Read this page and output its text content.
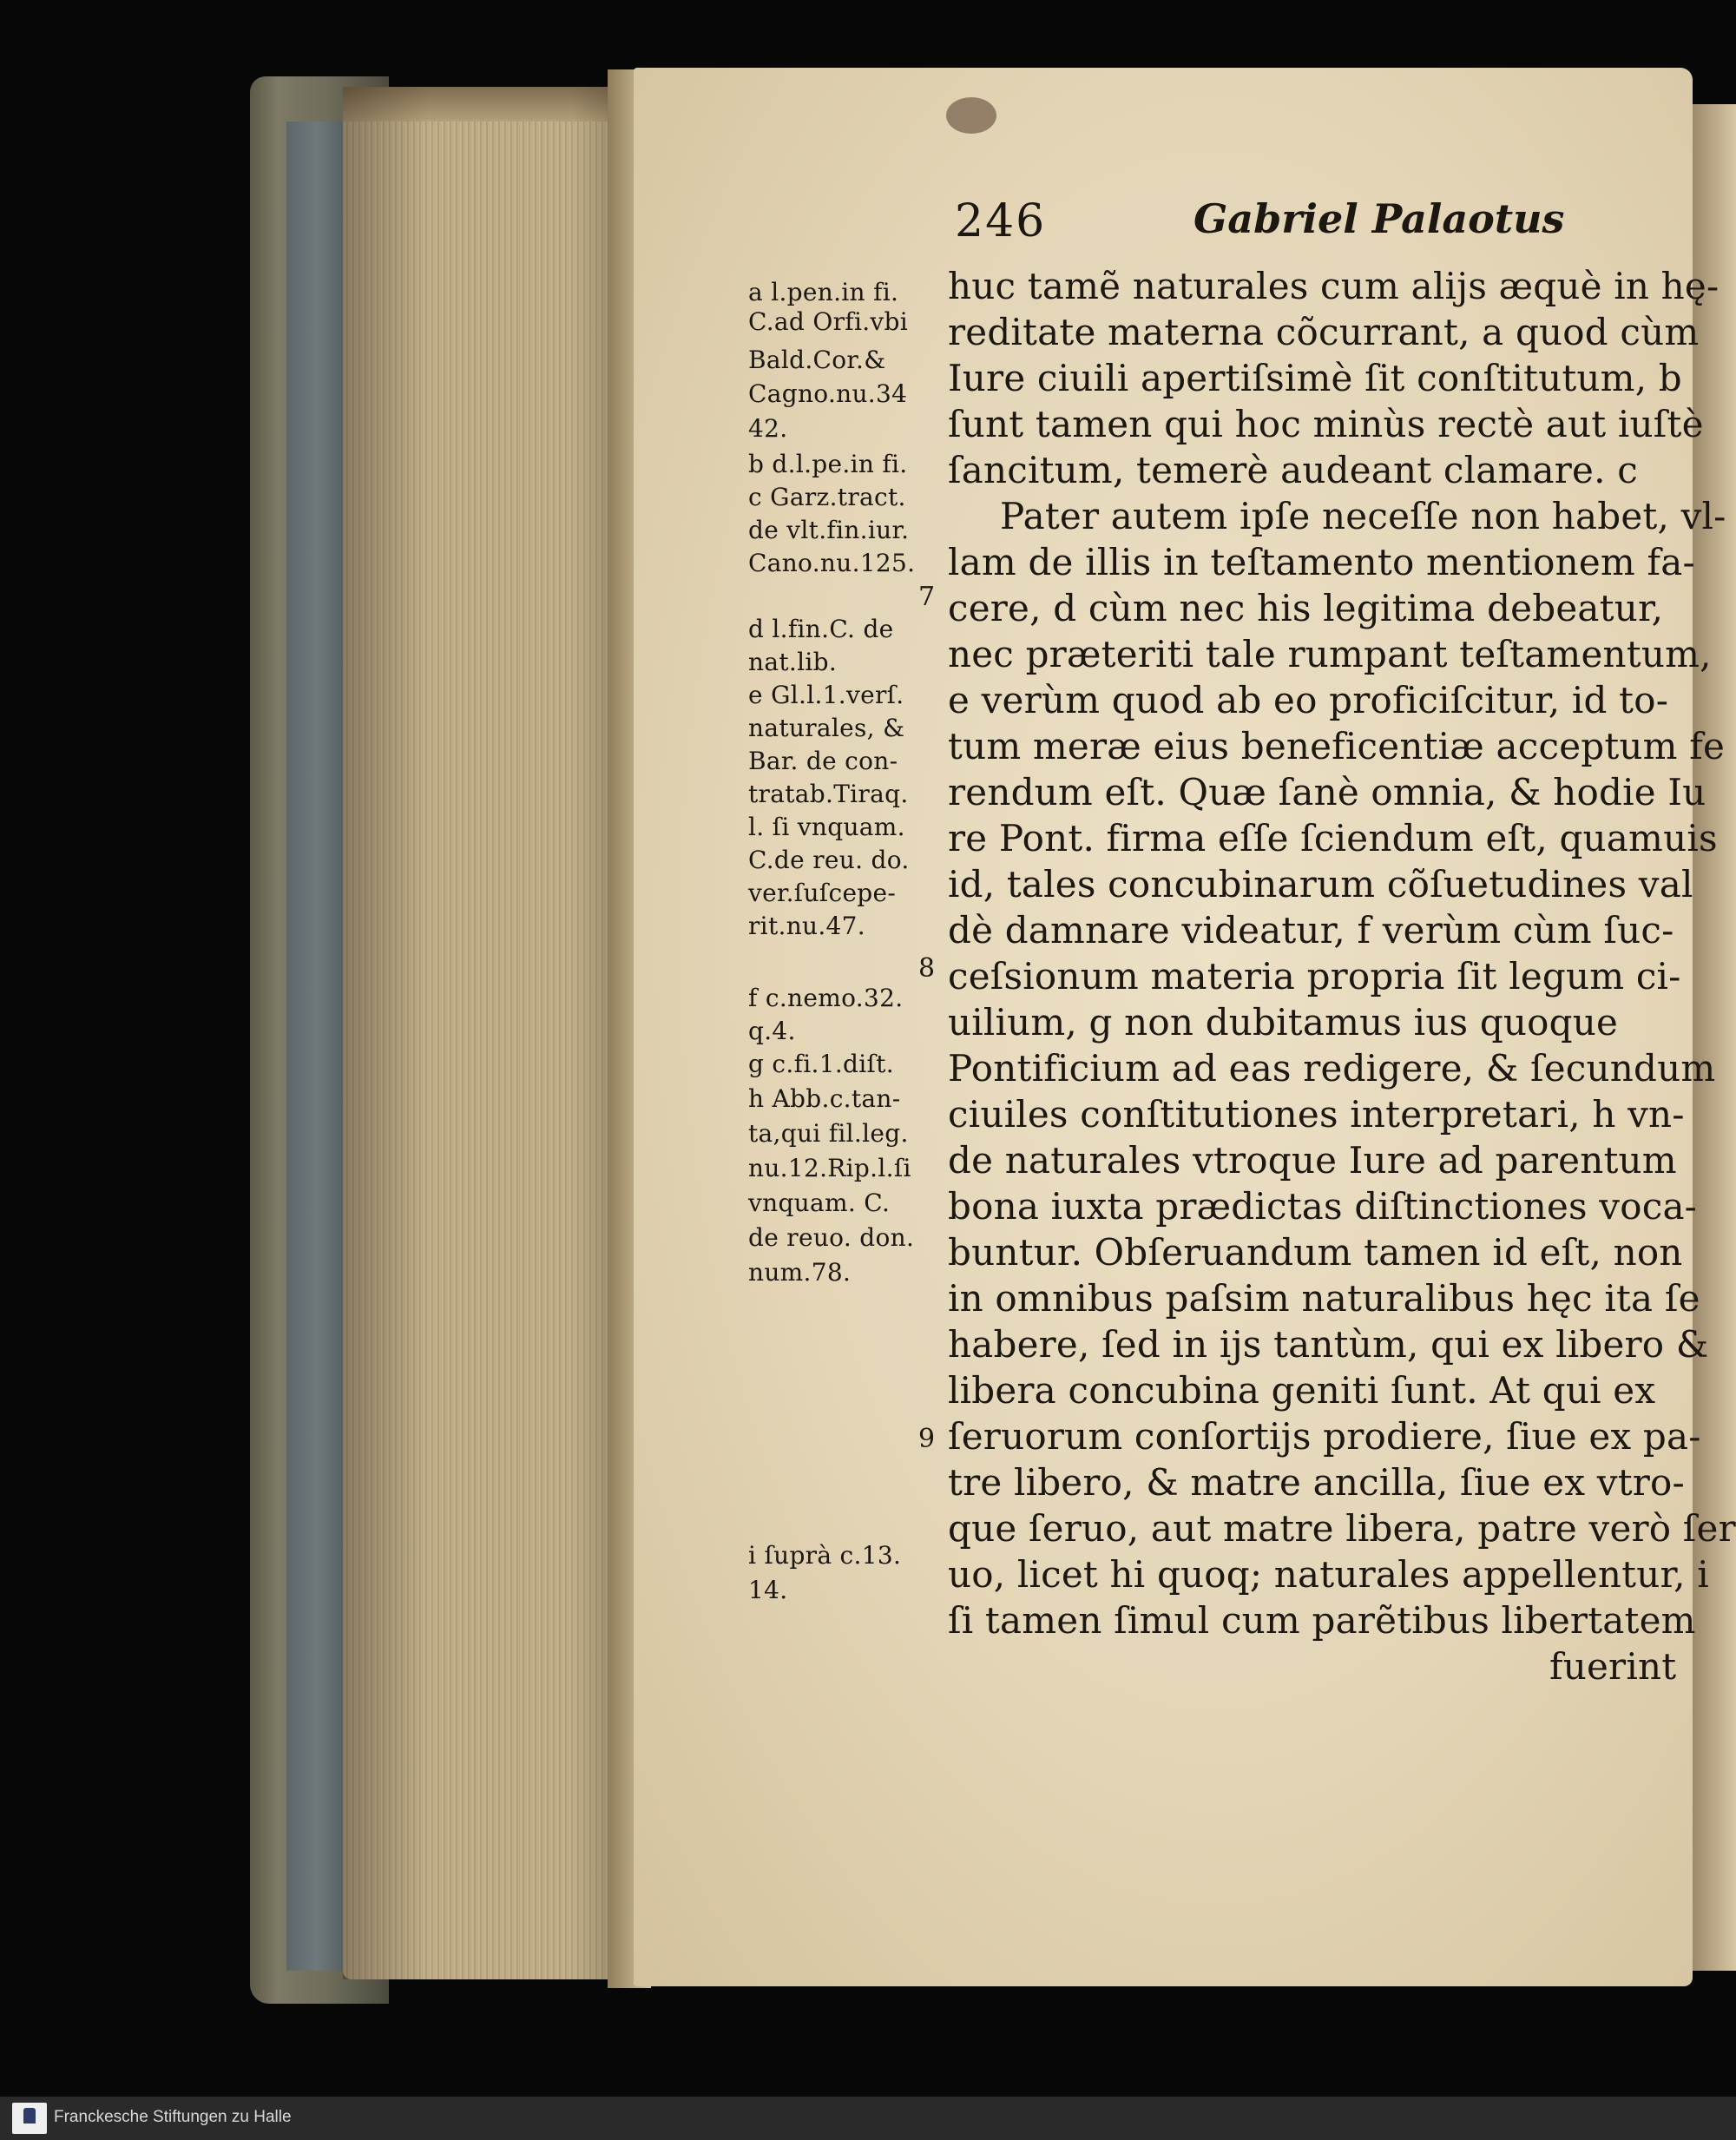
246	Gabriel Palaotus
huc tamẽ naturales cum alijs æquè in hę-
reditate materna cõcurrant, a quod cùm
Iure ciuili apertiſsimè ſit conſtitutum, b
ſunt tamen qui hoc minùs rectè aut iuſtè
ſancitum, temerè audeant clamare. c
Pater autem ipſe neceſſe non habet, vl-
lam de illis in teſtamento mentionem fa-
cere, d cùm nec his legitima debeatur,
nec præteriti tale rumpant teſtamentum,
e verùm quod ab eo proficiſcitur, id to-
tum meræ eius beneficentiæ acceptum fe
rendum eſt. Quæ ſanè omnia, & hodie Iu
re Pont. firma eſſe ſciendum eſt, quamuis
id, tales concubinarum cõſuetudines val
dè damnare videatur, f verùm cùm ſuc-
ceſsionum materia propria ſit legum ci-
uilium, g non dubitamus ius quoque
Pontificium ad eas redigere, & ſecundum
ciuiles conſtitutiones interpretari, h vn-
de naturales vtroque Iure ad parentum
bona iuxta prædictas diſtinctiones voca-
buntur. Obſeruandum tamen id eſt, non
in omnibus paſsim naturalibus hęc ita ſe
habere, ſed in ijs tantùm, qui ex libero &
libera concubina geniti ſunt. At qui ex
ſeruorum conſortijs prodiere, ſiue ex pa-
tre libero, & matre ancilla, ſiue ex vtro-
que ſeruo, aut matre libera, patre verò ſer
uo, licet hi quoq; naturales appellentur, i
ſi tamen ſimul cum parẽtibus libertatem
fuerint
a l.pen.in fi.
C.ad Orfi.vbi
Bald.Cor.&
Cagno.nu.34
42.
b d.l.pe.in fi.
c Garz.tract.
de vlt.fin.iur.
Cano.nu.125.
d l.fin.C. de
nat.lib.
e Gl.l.1.verſ.
naturales, &
Bar. de con-
tratab.Tiraq.
l. ſi vnquam.
C.de reu. do.
ver.ſuſcepe-
rit.nu.47.
f c.nemo.32.
q.4.
g c.fi.1.diſt.
h Abb.c.tan-
ta,qui fil.leg.
nu.12.Rip.l.ſi
vnquam. C.
de reuo. don.
num.78.
i ſuprà c.13.
14.
7
8
9
Franckesche Stiftungen zu Halle
